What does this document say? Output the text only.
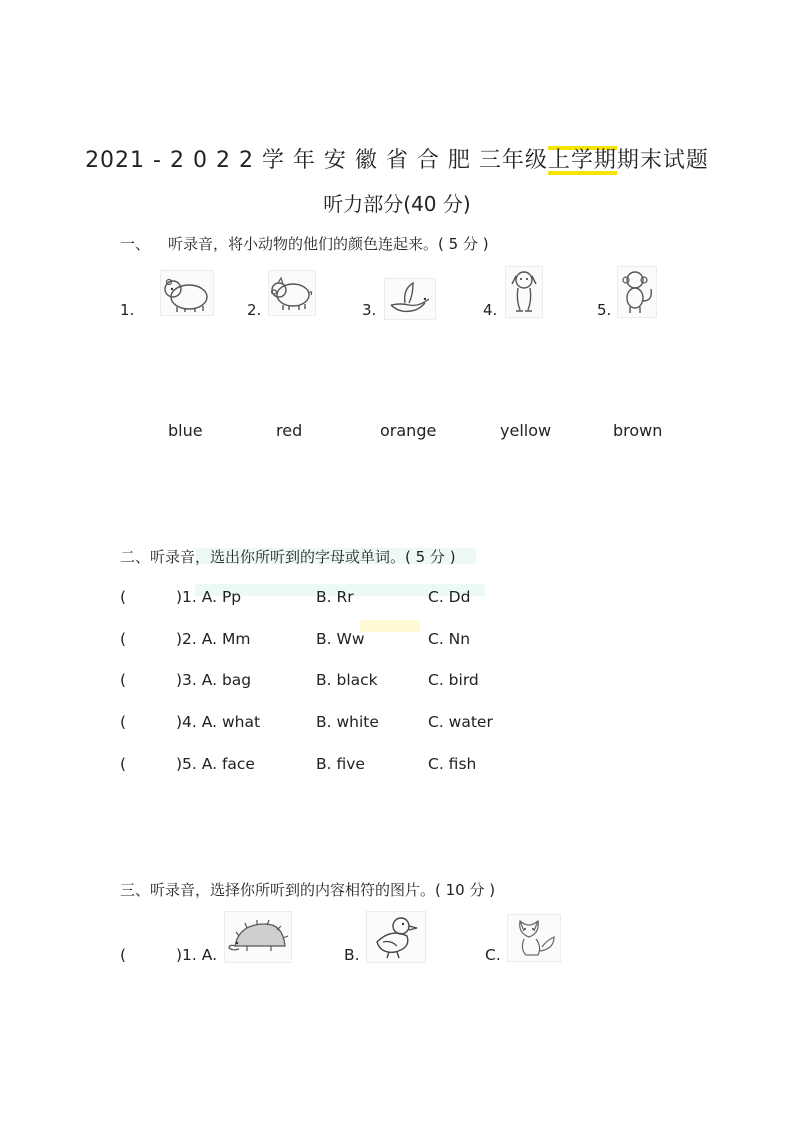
2021 - 2 0 2 2 学 年 安 徽 省 合 肥 三年级上学期期末试题
听力部分(40 分)
一、 听录音，将小动物的他们的颜色连起来。( 5 分 )
1.	2.	3.	4.	5.
blue	red	orange	yellow	brown
二、听录音，选出你所听到的字母或单词。( 5 分 )
(	)1. A. Pp	B. Rr	C. Dd
(	)2. A. Mm	B. Ww	C. Nn
(	)3. A. bag	B. black	C. bird
(	)4. A. what	B. white	C. water
(	)5. A. face	B. five	C. fish
三、听录音，选择你所听到的内容相符的图片。( 10 分 )
(	)1. A.	B.	C.
